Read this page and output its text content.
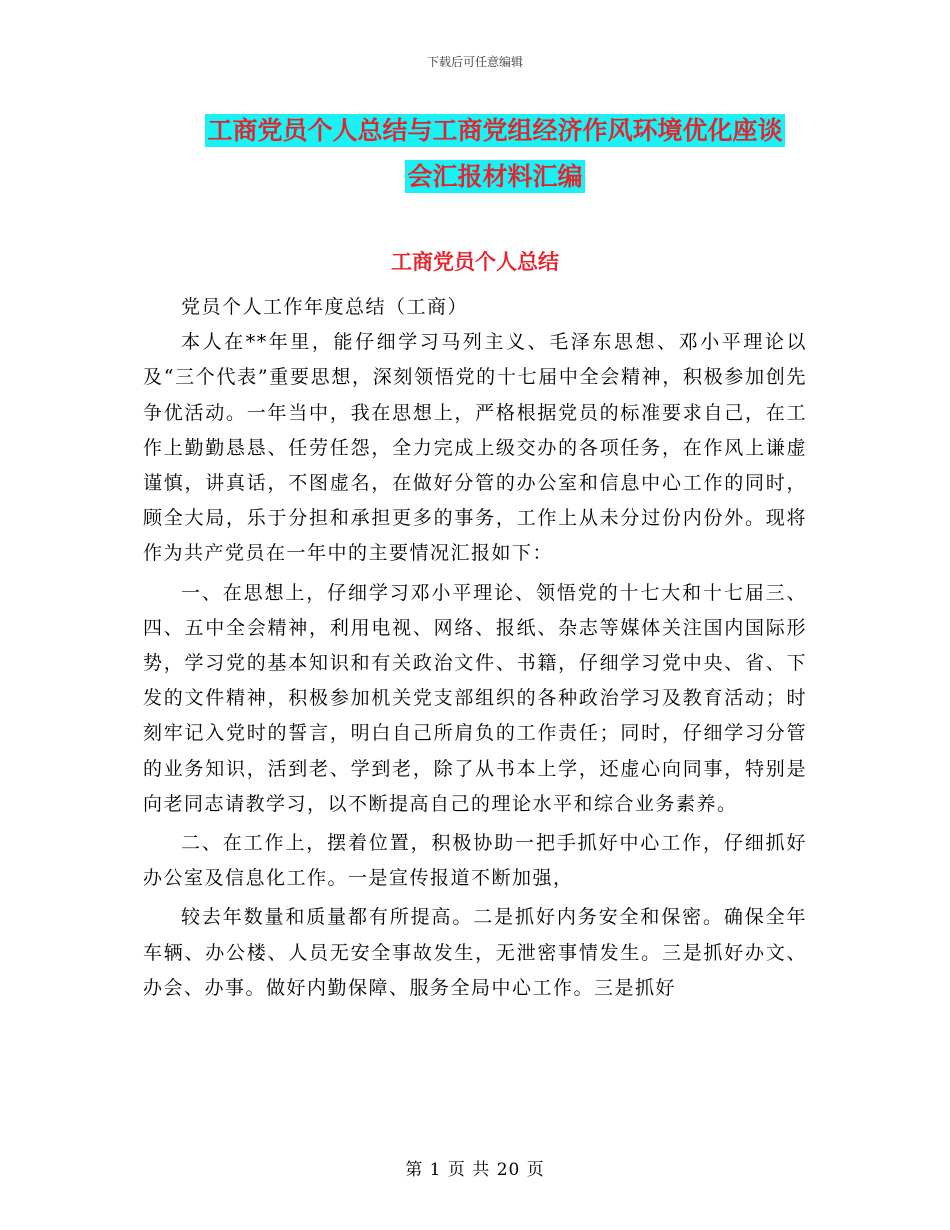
下载后可任意编辑
工商党员个人总结与工商党组经济作风环境优化座谈
会汇报材料汇编
工商党员个人总结

党员个人工作年度总结（工商）

本人在**年里，能仔细学习马列主义、毛泽东思想、邓小平理论以及“三个代表”重要思想，深刻领悟党的十七届中全会精神，积极参加创先争优活动。一年当中，我在思想上，严格根据党员的标准要求自己，在工作上勤勤恳恳、任劳任怨，全力完成上级交办的各项任务，在作风上谦虚谨慎，讲真话，不图虚名，在做好分管的办公室和信息中心工作的同时，顾全大局，乐于分担和承担更多的事务，工作上从未分过份内份外。现将作为共产党员在一年中的主要情况汇报如下：

一、在思想上，仔细学习邓小平理论、领悟党的十七大和十七届三、四、五中全会精神，利用电视、网络、报纸、杂志等媒体关注国内国际形势，学习党的基本知识和有关政治文件、书籍，仔细学习党中央、省、下发的文件精神，积极参加机关党支部组织的各种政治学习及教育活动；时刻牢记入党时的誓言，明白自己所肩负的工作责任；同时，仔细学习分管的业务知识，活到老、学到老，除了从书本上学，还虚心向同事，特别是向老同志请教学习，以不断提高自己的理论水平和综合业务素养。

二、在工作上，摆着位置，积极协助一把手抓好中心工作，仔细抓好办公室及信息化工作。一是宣传报道不断加强，

较去年数量和质量都有所提高。二是抓好内务安全和保密。确保全年车辆、办公楼、人员无安全事故发生，无泄密事情发生。三是抓好办文、办会、办事。做好内勤保障、服务全局中心工作。三是抓好

第 1 页 共 20 页
